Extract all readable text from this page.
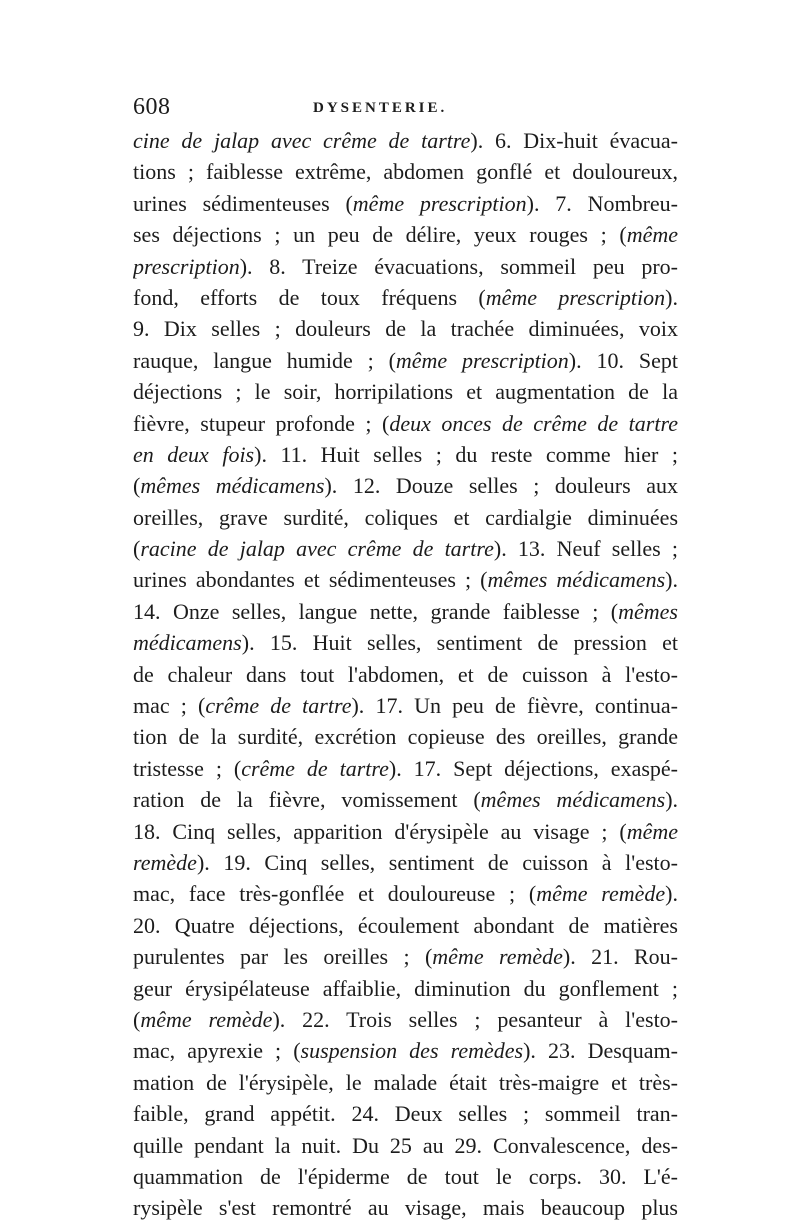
608	DYSENTERIE.
cine de jalap avec crême de tartre). 6. Dix-huit évacua-
tions ; faiblesse extrême, abdomen gonflé et douloureux,
urines sédimenteuses (même prescription). 7. Nombreu-
ses déjections ; un peu de délire, yeux rouges ; (même
prescription). 8. Treize évacuations, sommeil peu pro-
fond, efforts de toux fréquens (même prescription).
9. Dix selles ; douleurs de la trachée diminuées, voix
rauque, langue humide ; (même prescription). 10. Sept
déjections ; le soir, horripilations et augmentation de la
fièvre, stupeur profonde ; (deux onces de crême de tartre
en deux fois). 11. Huit selles ; du reste comme hier ;
(mêmes médicamens). 12. Douze selles ; douleurs aux
oreilles, grave surdité, coliques et cardialgie diminuées
(racine de jalap avec crême de tartre). 13. Neuf selles ;
urines abondantes et sédimenteuses ; (mêmes médicamens).
14. Onze selles, langue nette, grande faiblesse ; (mêmes
médicamens). 15. Huit selles, sentiment de pression et
de chaleur dans tout l'abdomen, et de cuisson à l'esto-
mac ; (crême de tartre). 17. Un peu de fièvre, continua-
tion de la surdité, excrétion copieuse des oreilles, grande
tristesse ; (crême de tartre). 17. Sept déjections, exaspé-
ration de la fièvre, vomissement (mêmes médicamens).
18. Cinq selles, apparition d'érysipèle au visage ; (même
remède). 19. Cinq selles, sentiment de cuisson à l'esto-
mac, face très-gonflée et douloureuse ; (même remède).
20. Quatre déjections, écoulement abondant de matières
purulentes par les oreilles ; (même remède). 21. Rou-
geur érysipélateuse affaiblie, diminution du gonflement ;
(même remède). 22. Trois selles ; pesanteur à l'esto-
mac, apyrexie ; (suspension des remèdes). 23. Desquam-
mation de l'érysipèle, le malade était très-maigre et très-
faible, grand appétit. 24. Deux selles ; sommeil tran-
quille pendant la nuit. Du 25 au 29. Convalescence, des-
quammation de l'épiderme de tout le corps. 30. L'é-
rysipèle s'est remontré au visage, mais beaucoup plus
